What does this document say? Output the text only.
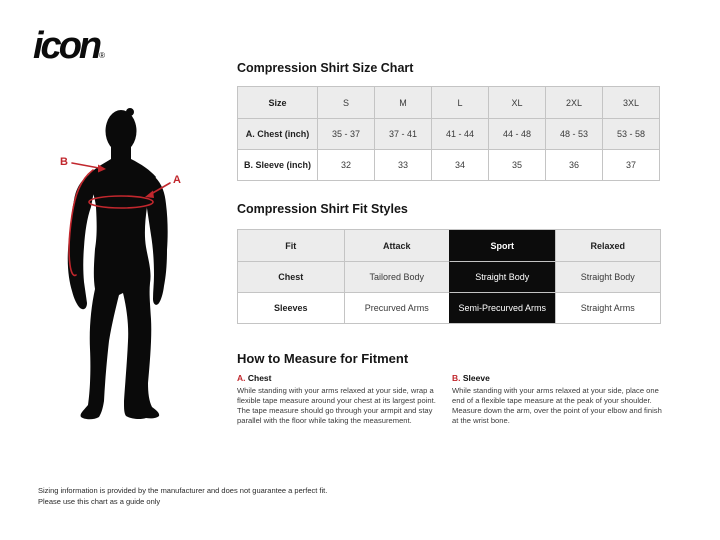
icon®
B
A
Compression Shirt Size Chart
Size	S	M	L	XL	2XL	3XL
A. Chest (inch)	35 - 37	37 - 41	41 - 44	44 - 48	48 - 53	53 - 58
B. Sleeve (inch)	32	33	34	35	36	37
Compression Shirt Fit Styles
Fit	Attack	Sport	Relaxed
Chest	Tailored Body	Straight Body	Straight Body
Sleeves	Precurved Arms	Semi-Precurved Arms	Straight Arms
How to Measure for Fitment
A. Chest
While standing with your arms relaxed at your side, wrap a flexible tape measure around your chest at its largest point. The tape measure should go through your armpit and stay parallel with the floor while taking the measurement.
B. Sleeve
While standing with your arms relaxed at your side, place one end of a flexible tape measure at the peak of your shoulder. Measure down the arm, over the point of your elbow and finish at the wrist bone.
Sizing information is provided by the manufacturer and does not guarantee a perfect fit.
Please use this chart as a guide only
